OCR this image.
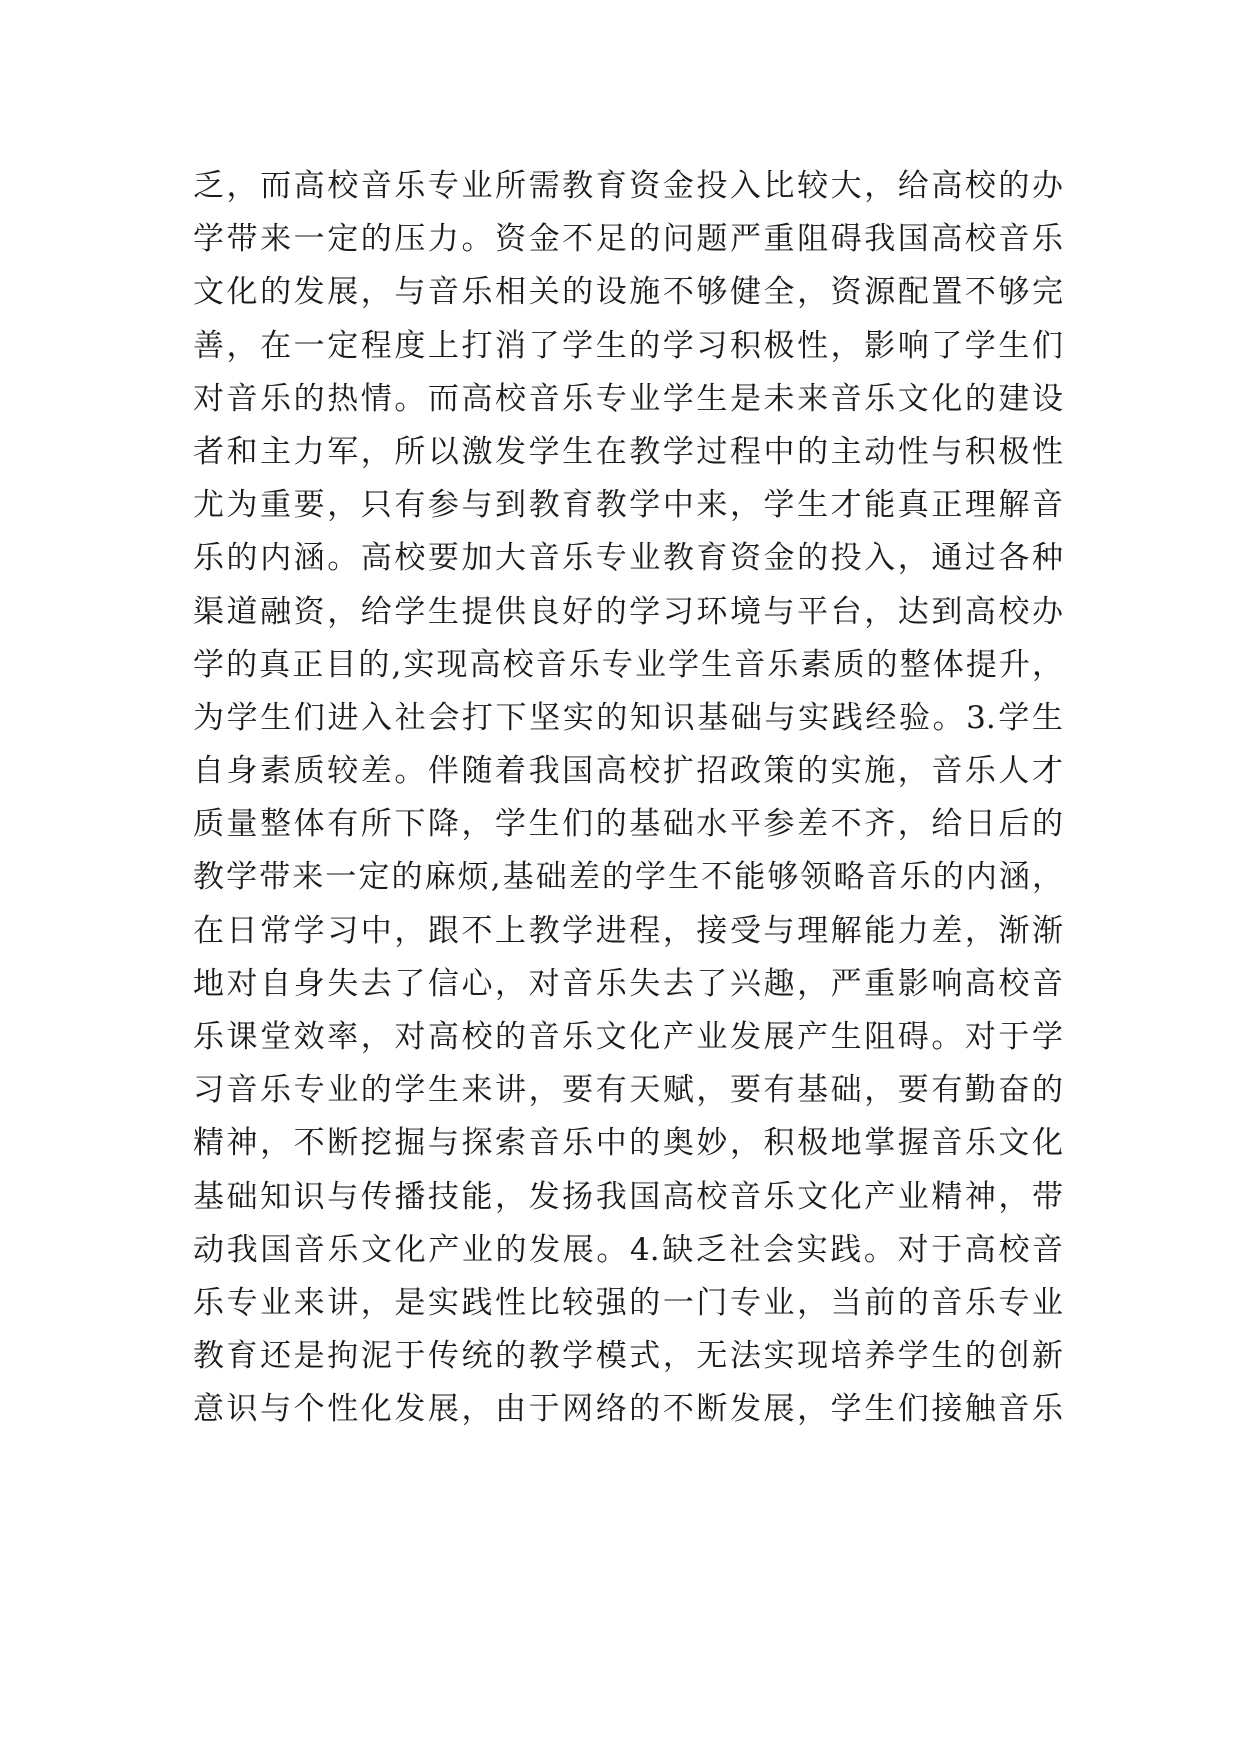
乏，而高校音乐专业所需教育资金投入比较大，给高校的办
学带来一定的压力。资金不足的问题严重阻碍我国高校音乐
文化的发展，与音乐相关的设施不够健全，资源配置不够完
善，在一定程度上打消了学生的学习积极性，影响了学生们
对音乐的热情。而高校音乐专业学生是未来音乐文化的建设
者和主力军，所以激发学生在教学过程中的主动性与积极性
尤为重要，只有参与到教育教学中来，学生才能真正理解音
乐的内涵。高校要加大音乐专业教育资金的投入，通过各种
渠道融资，给学生提供良好的学习环境与平台，达到高校办
学的真正目的,实现高校音乐专业学生音乐素质的整体提升，
为学生们进入社会打下坚实的知识基础与实践经验。3.学生
自身素质较差。伴随着我国高校扩招政策的实施，音乐人才
质量整体有所下降，学生们的基础水平参差不齐，给日后的
教学带来一定的麻烦,基础差的学生不能够领略音乐的内涵，
在日常学习中，跟不上教学进程，接受与理解能力差，渐渐
地对自身失去了信心，对音乐失去了兴趣，严重影响高校音
乐课堂效率，对高校的音乐文化产业发展产生阻碍。对于学
习音乐专业的学生来讲，要有天赋，要有基础，要有勤奋的
精神，不断挖掘与探索音乐中的奥妙，积极地掌握音乐文化
基础知识与传播技能，发扬我国高校音乐文化产业精神，带
动我国音乐文化产业的发展。4.缺乏社会实践。对于高校音
乐专业来讲，是实践性比较强的一门专业，当前的音乐专业
教育还是拘泥于传统的教学模式，无法实现培养学生的创新
意识与个性化发展，由于网络的不断发展，学生们接触音乐
